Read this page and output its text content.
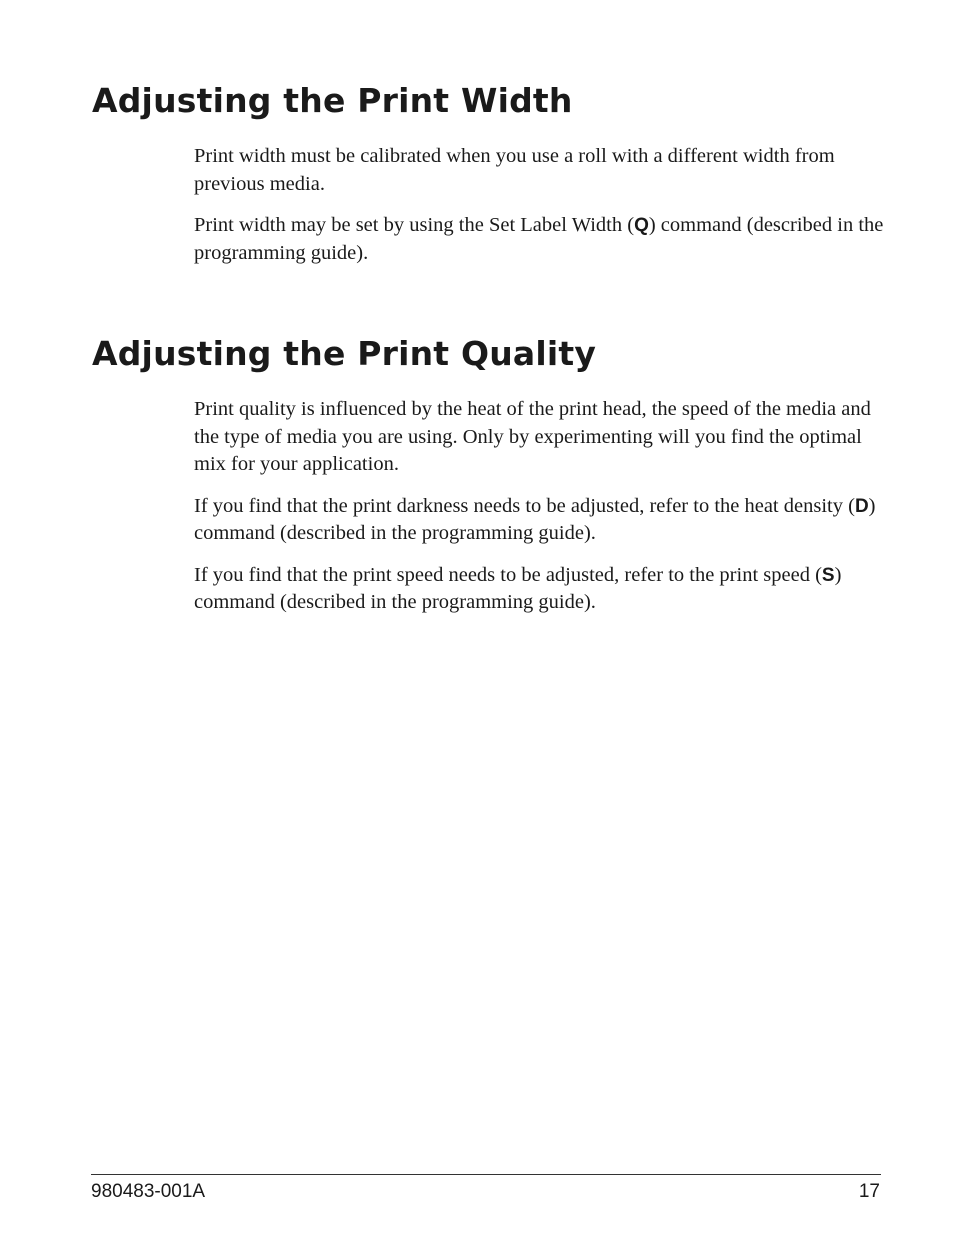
Adjusting the Print Width

Print width must be calibrated when you use a roll with a different width from previous media.

Print width may be set by using the Set Label Width (Q) command (described in the programming guide).

Adjusting the Print Quality

Print quality is influenced by the heat of the print head, the speed of the media and the type of media you are using. Only by experimenting will you find the optimal mix for your application.

If you find that the print darkness needs to be adjusted, refer to the heat density (D) command (described in the programming guide).

If you find that the print speed needs to be adjusted, refer to the print speed (S) command (described in the programming guide).

980483-001A	17
